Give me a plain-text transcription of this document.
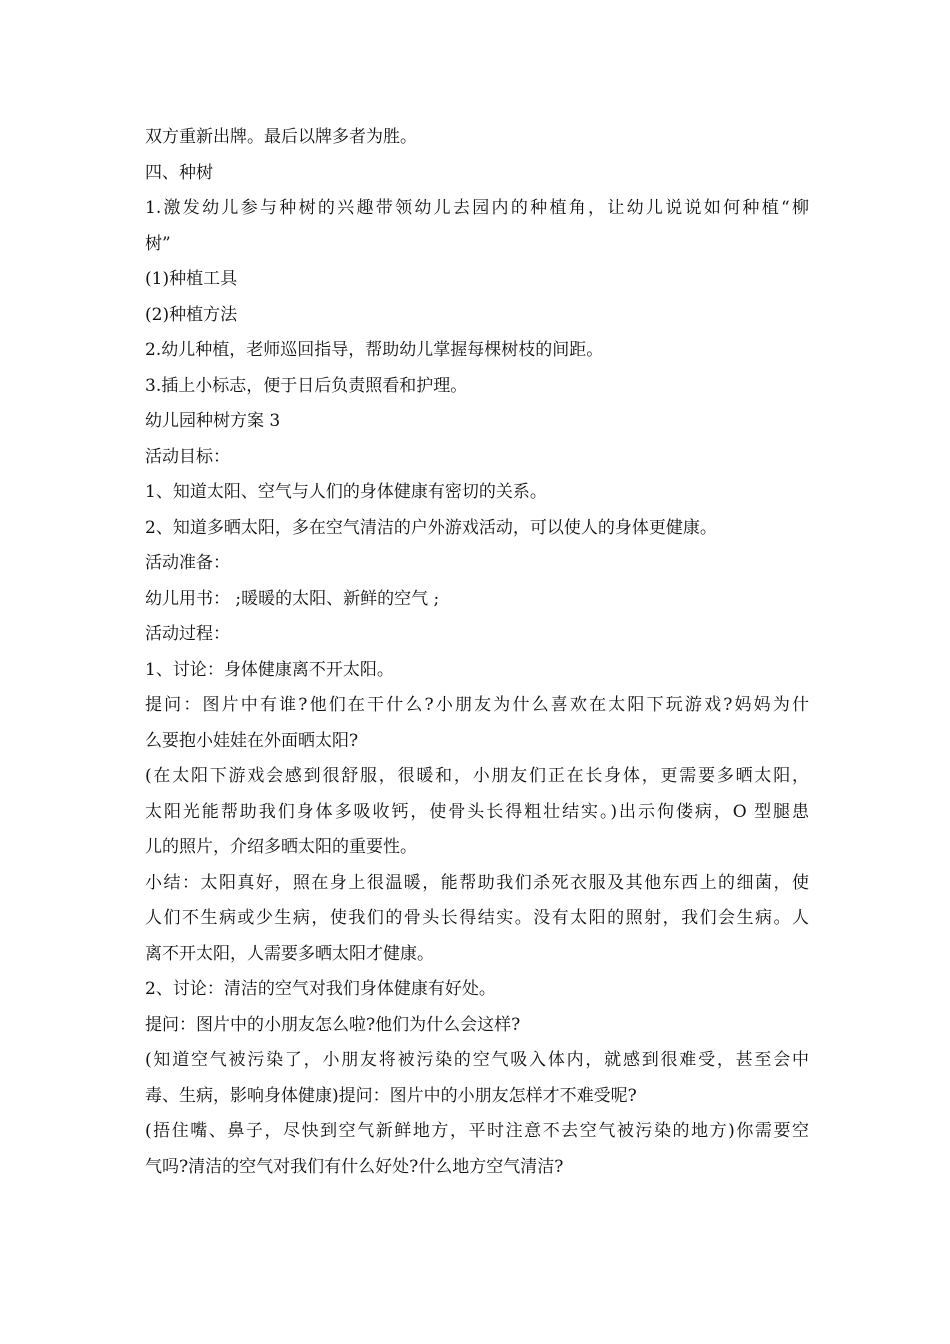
双方重新出牌。最后以牌多者为胜。
四、种树
1.激发幼儿参与种树的兴趣带领幼儿去园内的种植角，让幼儿说说如何种植“柳
树”
(1)种植工具
(2)种植方法
2.幼儿种植，老师巡回指导，帮助幼儿掌握每棵树枝的间距。
3.插上小标志，便于日后负责照看和护理。
幼儿园种树方案 3
活动目标：
1、知道太阳、空气与人们的身体健康有密切的关系。
2、知道多晒太阳，多在空气清洁的户外游戏活动，可以使人的身体更健康。
活动准备：
幼儿用书： ;暖暖的太阳、新鲜的空气 ;
活动过程：
1、讨论：身体健康离不开太阳。
提问：图片中有谁?他们在干什么?小朋友为什么喜欢在太阳下玩游戏?妈妈为什
么要抱小娃娃在外面晒太阳?
(在太阳下游戏会感到很舒服，很暖和，小朋友们正在长身体，更需要多晒太阳，
太阳光能帮助我们身体多吸收钙，使骨头长得粗壮结实。)出示佝偻病，O 型腿患
儿的照片，介绍多晒太阳的重要性。
小结：太阳真好，照在身上很温暖，能帮助我们杀死衣服及其他东西上的细菌，使
人们不生病或少生病，使我们的骨头长得结实。没有太阳的照射，我们会生病。人
离不开太阳，人需要多晒太阳才健康。
2、讨论：清洁的空气对我们身体健康有好处。
提问：图片中的小朋友怎么啦?他们为什么会这样?
(知道空气被污染了，小朋友将被污染的空气吸入体内，就感到很难受，甚至会中
毒、生病，影响身体健康)提问：图片中的小朋友怎样才不难受呢?
(捂住嘴、鼻子，尽快到空气新鲜地方，平时注意不去空气被污染的地方)你需要空
气吗?清洁的空气对我们有什么好处?什么地方空气清洁?
